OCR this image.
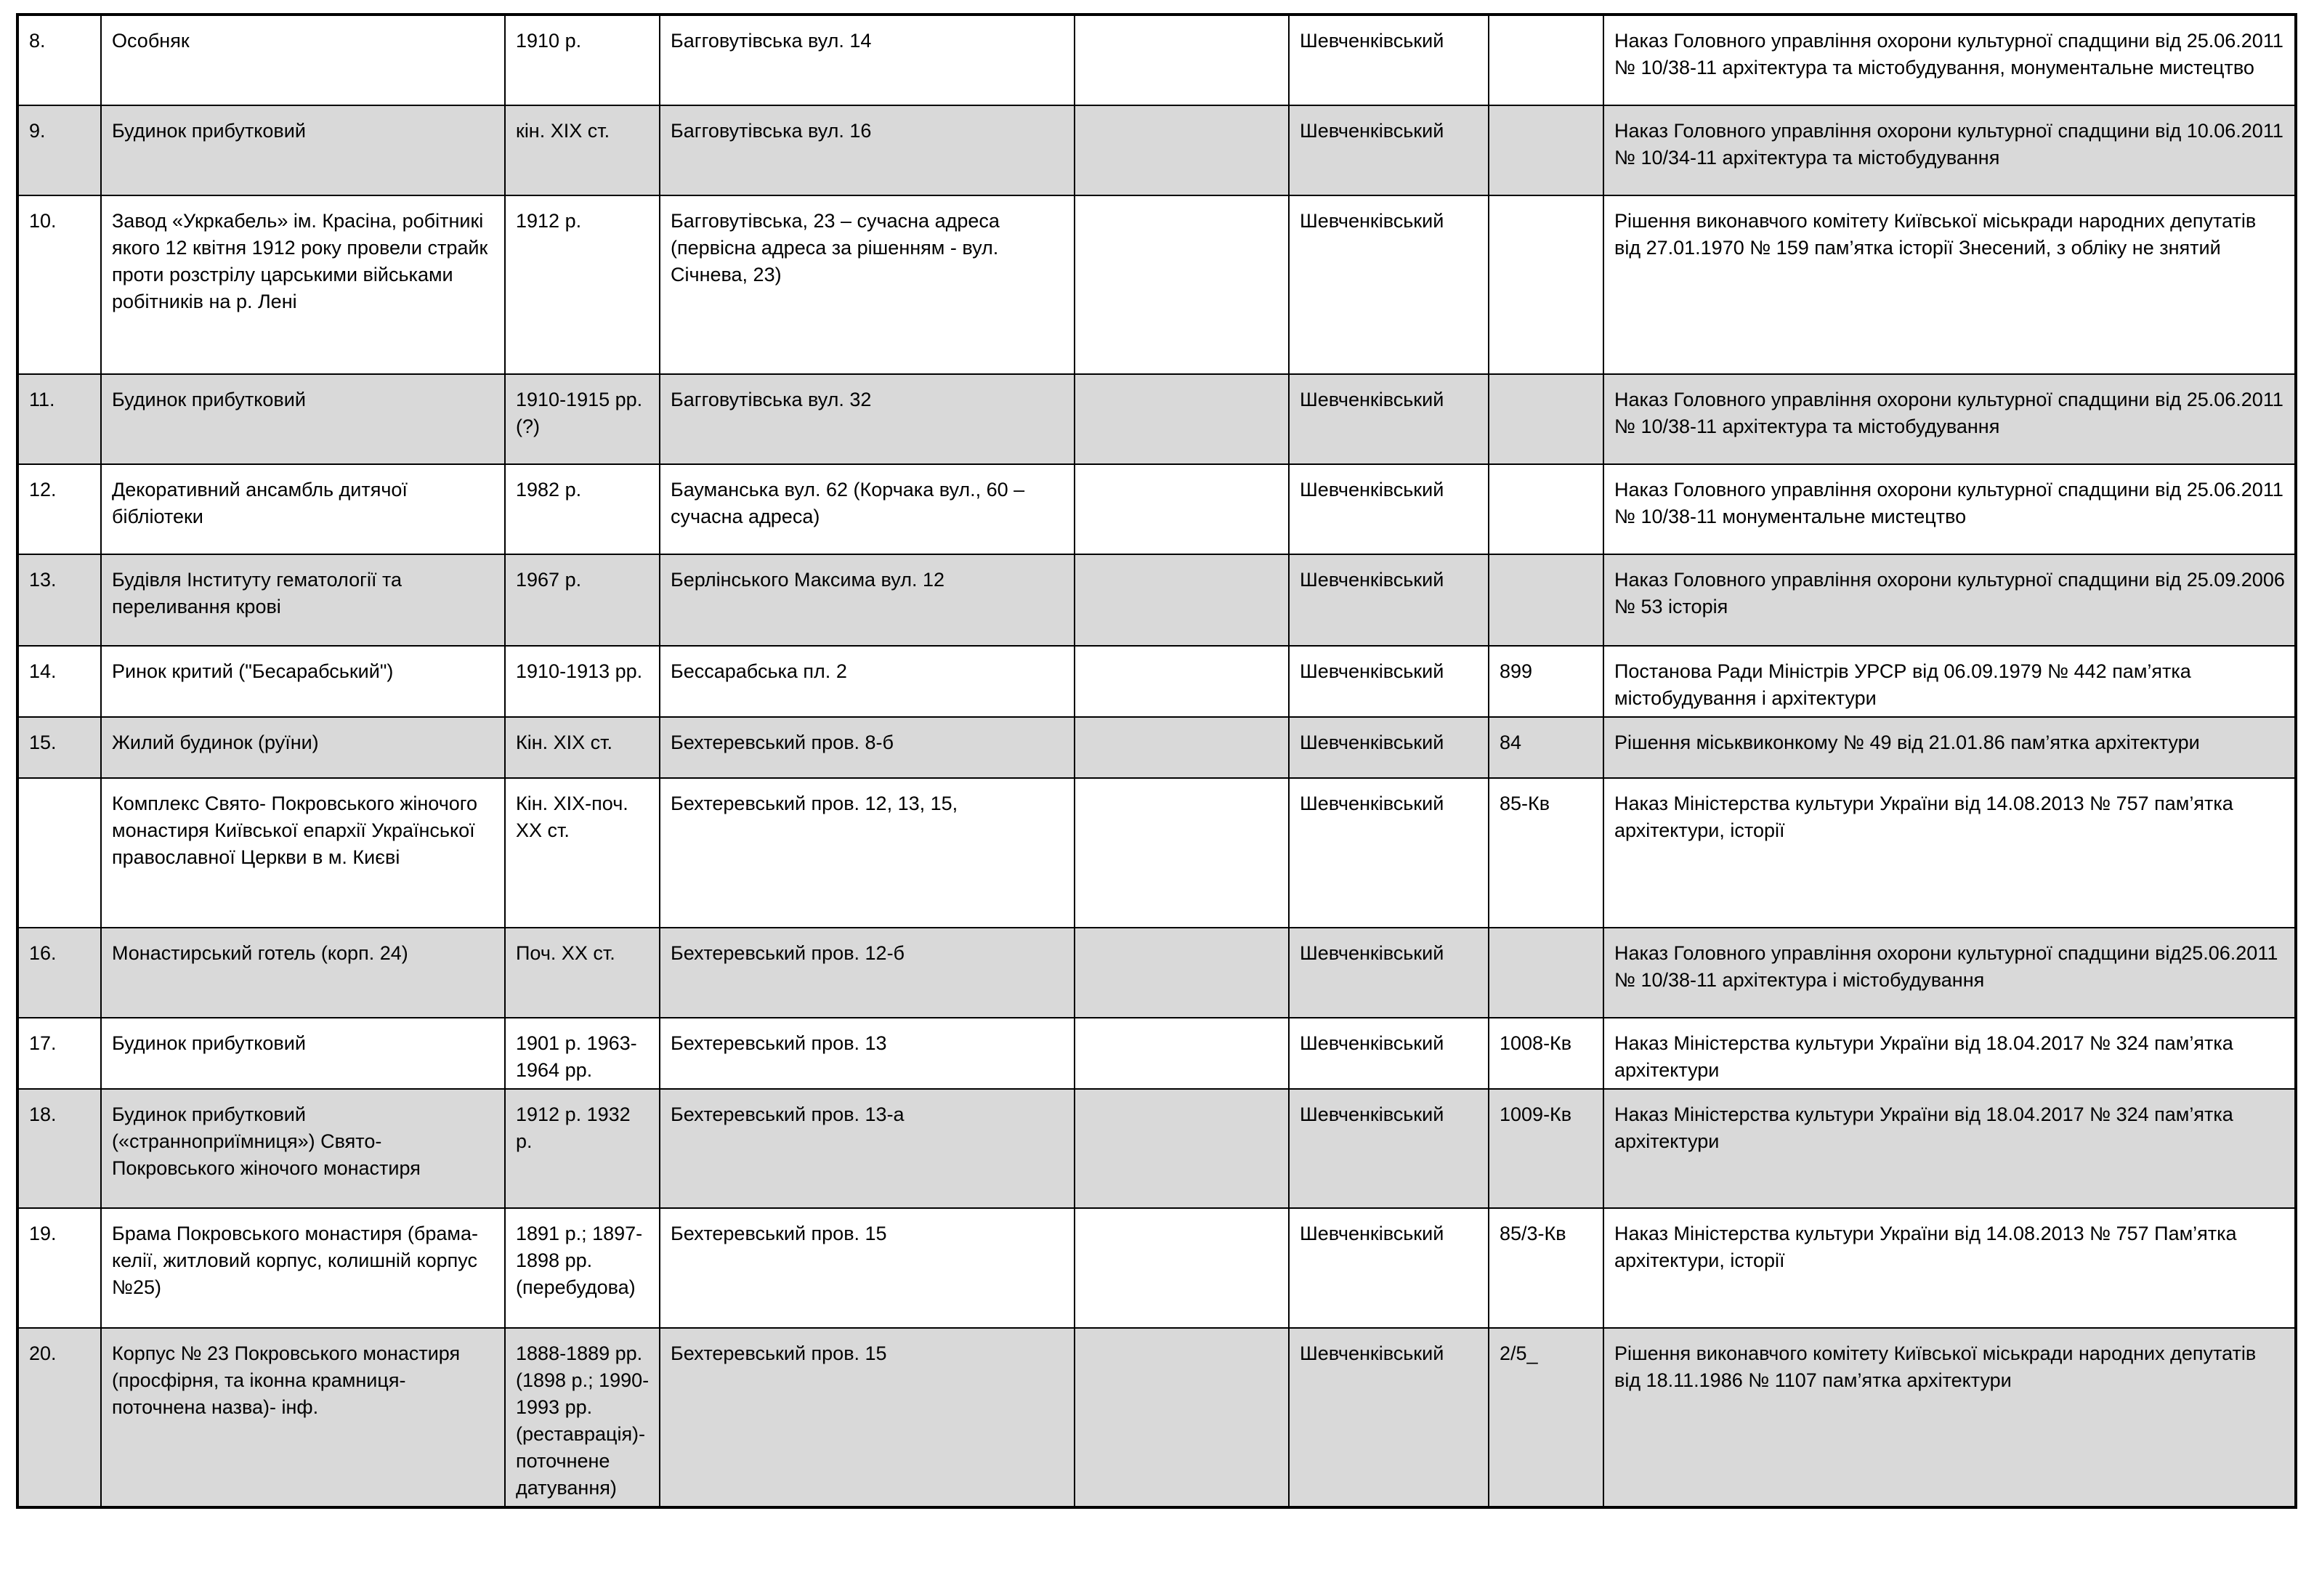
8.	Особняк	1910 р.	Багговутівська вул. 14		Шевченківський		Наказ Головного управління охорони культурної спадщини від 25.06.2011 № 10/38-11 архітектура та містобудування, монументальне мистецтво
9.	Будинок прибутковий	кін. ХІХ ст.	Багговутівська вул. 16		Шевченківський		Наказ Головного управління охорони культурної спадщини від 10.06.2011 № 10/34-11 архітектура та містобудування
10.	Завод «Укркабель» ім. Красіна, робітникі якого 12 квітня 1912 року провели страйк проти розстрілу царськими військами робітників на р. Лені	1912 р.	Багговутівська, 23 – сучасна адреса (первісна адреса за рішенням - вул. Січнева, 23)		Шевченківський		Рішення виконавчого комітету Київської міськради народних депутатів від 27.01.1970 № 159 пам’ятка історії Знесений, з обліку не знятий
11.	Будинок прибутковий	1910-1915 рр.(?)	Багговутівська вул. 32		Шевченківський		Наказ Головного управління охорони культурної спадщини від 25.06.2011 № 10/38-11 архітектура та містобудування
12.	Декоративний ансамбль дитячої бібліотеки	1982 р.	Бауманська вул. 62 (Корчака вул., 60 – сучасна адреса)		Шевченківський		Наказ Головного управління охорони культурної спадщини від 25.06.2011 № 10/38-11 монументальне мистецтво
13.	Будівля Інституту гематології та переливання крові	1967 р.	Берлінського Максима вул. 12		Шевченківський		Наказ Головного управління охорони культурної спадщини від 25.09.2006 № 53 історія
14.	Ринок критий ("Бесарабський")	1910-1913 рр.	Бессарабська пл. 2		Шевченківський	899	Постанова Ради Міністрів УРСР від 06.09.1979 № 442 пам’ятка містобудування і архітектури
15.	Жилий будинок (руїни)	Кін. ХІХ ст.	Бехтеревський пров. 8-б		Шевченківський	84	Рішення міськвиконкому № 49 від 21.01.86 пам’ятка архітектури
	Комплекс Свято- Покровського жіночого монастиря Київської епархії Української православної Церкви в м. Києві	Кін. ХІХ-поч. ХХ ст.	Бехтеревський пров. 12, 13, 15,		Шевченківський	85-Кв	Наказ Міністерства культури України від 14.08.2013 № 757 пам’ятка архітектури, історії
16.	Монастирський готель (корп. 24)	Поч. ХХ ст.	Бехтеревський пров. 12-б		Шевченківський		Наказ Головного управління охорони культурної спадщини від25.06.2011 № 10/38-11 архітектура і містобудування
17.	Будинок прибутковий	1901 р. 1963-1964 рр.	Бехтеревський пров. 13		Шевченківський	1008-Кв	Наказ Міністерства культури України від 18.04.2017 № 324 пам’ятка архітектури
18.	Будинок прибутковий («странноприїмниця») Свято-Покровського жіночого монастиря	1912 р. 1932 р.	Бехтеревський пров. 13-а		Шевченківський	1009-Кв	Наказ Міністерства культури України від 18.04.2017 № 324 пам’ятка архітектури
19.	Брама Покровського монастиря (брама-келії, житловий корпус, колишній корпус №25)	1891 р.; 1897-1898 рр.(перебудова)	Бехтеревський пров. 15		Шевченківський	85/3-Кв	Наказ Міністерства культури України від 14.08.2013 № 757 Пам’ятка архітектури, історії
20.	Корпус № 23 Покровського монастиря (просфірня, та іконна крамниця-поточнена назва)- інф.	1888-1889 рр. (1898 р.; 1990-1993 рр. (реставрація)- поточнене датування)	Бехтеревський пров. 15		Шевченківський	2/5_	Рішення виконавчого комітету Київської міськради народних депутатів від 18.11.1986 № 1107 пам’ятка архітектури
